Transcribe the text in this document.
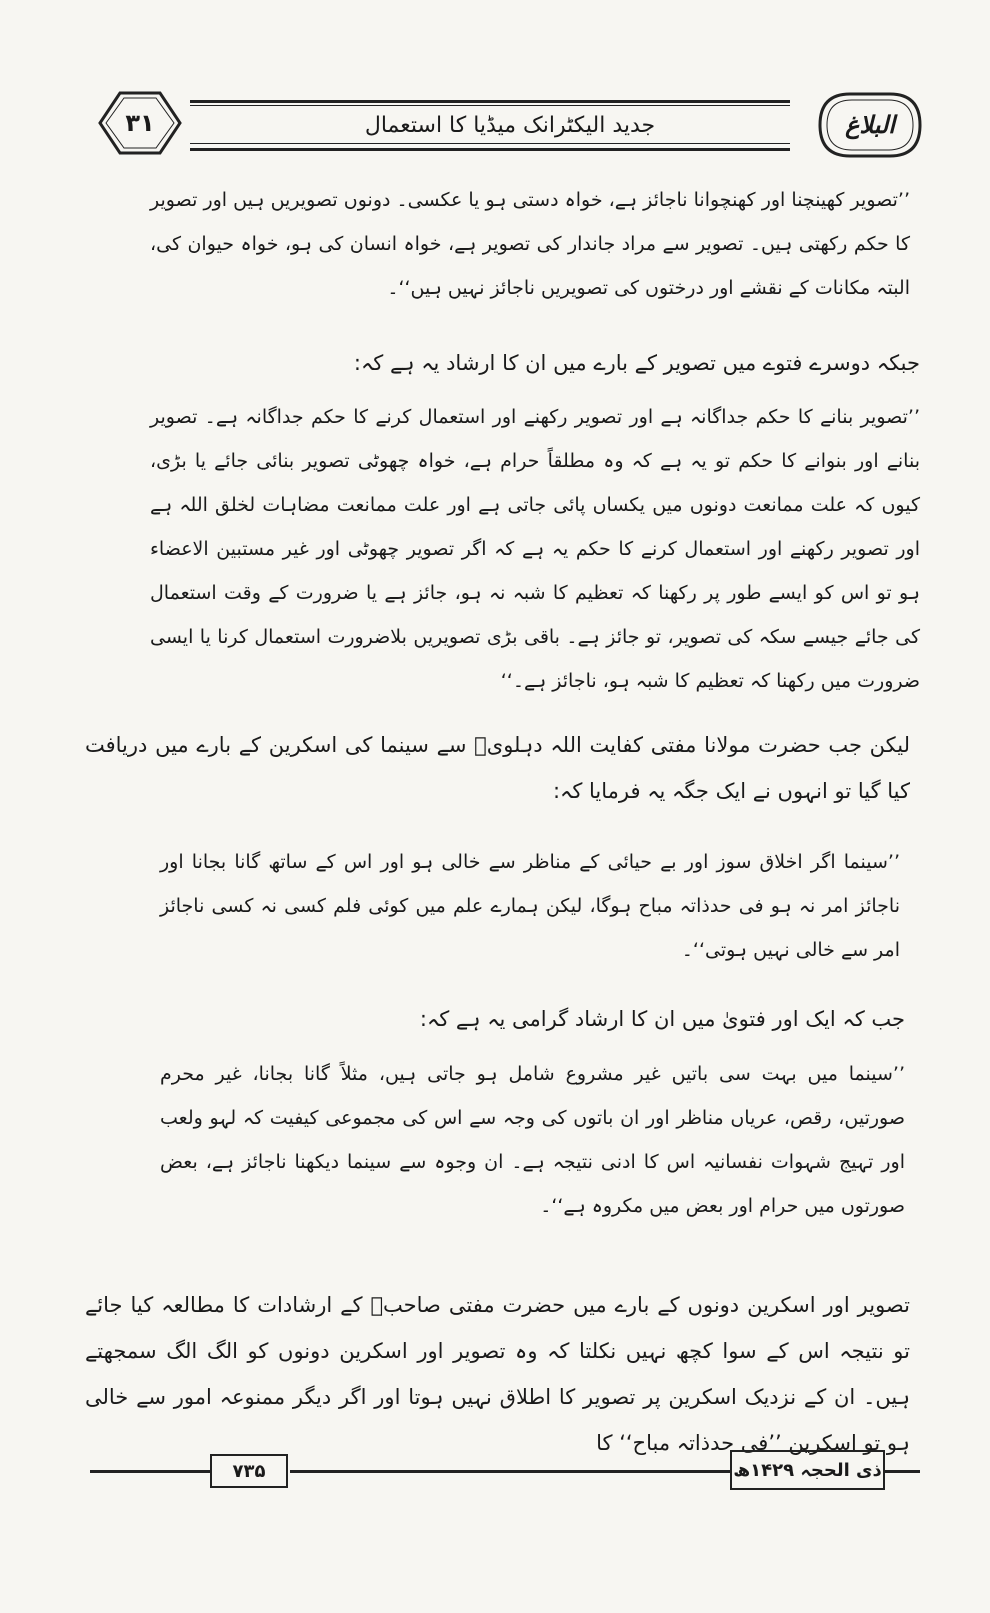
۳۱	جدید الیکٹرانک میڈیا کا استعمال	البلاغ
’’تصویر کھینچنا اور کھنچوانا ناجائز ہے، خواہ دستی ہو یا عکسی۔ دونوں تصویریں ہیں اور تصویر کا حکم رکھتی ہیں۔ تصویر سے مراد جاندار کی تصویر ہے، خواہ انسان کی ہو، خواہ حیوان کی، البتہ مکانات کے نقشے اور درختوں کی تصویریں ناجائز نہیں ہیں‘‘۔
جبکہ دوسرے فتوے میں تصویر کے بارے میں ان کا ارشاد یہ ہے کہ:
’’تصویر بنانے کا حکم جداگانہ ہے اور تصویر رکھنے اور استعمال کرنے کا حکم جداگانہ ہے۔ تصویر بنانے اور بنوانے کا حکم تو یہ ہے کہ وہ مطلقاً حرام ہے، خواہ چھوٹی تصویر بنائی جائے یا بڑی، کیوں کہ علت ممانعت دونوں میں یکساں پائی جاتی ہے اور علت ممانعت مضاہات لخلق اللہ ہے اور تصویر رکھنے اور استعمال کرنے کا حکم یہ ہے کہ اگر تصویر چھوٹی اور غیر مستبین الاعضاء ہو تو اس کو ایسے طور پر رکھنا کہ تعظیم کا شبہ نہ ہو، جائز ہے یا ضرورت کے وقت استعمال کی جائے جیسے سکہ کی تصویر، تو جائز ہے۔ باقی بڑی تصویریں بلاضرورت استعمال کرنا یا ایسی ضرورت میں رکھنا کہ تعظیم کا شبہ ہو، ناجائز ہے۔‘‘
لیکن جب حضرت مولانا مفتی کفایت اللہ دہلویؒ سے سینما کی اسکرین کے بارے میں دریافت کیا گیا تو انہوں نے ایک جگہ یہ فرمایا کہ:
’’سینما اگر اخلاق سوز اور بے حیائی کے مناظر سے خالی ہو اور اس کے ساتھ گانا بجانا اور ناجائز امر نہ ہو فی حدذاتہ مباح ہوگا، لیکن ہمارے علم میں کوئی فلم کسی نہ کسی ناجائز امر سے خالی نہیں ہوتی‘‘۔
جب کہ ایک اور فتویٰ میں ان کا ارشاد گرامی یہ ہے کہ:
’’سینما میں بہت سی باتیں غیر مشروع شامل ہو جاتی ہیں، مثلاً گانا بجانا، غیر محرم صورتیں، رقص، عریاں مناظر اور ان باتوں کی وجہ سے اس کی مجموعی کیفیت کہ لہو ولعب اور تہیج شہوات نفسانیہ اس کا ادنی نتیجہ ہے۔ ان وجوہ سے سینما دیکھنا ناجائز ہے، بعض صورتوں میں حرام اور بعض میں مکروہ ہے‘‘۔
تصویر اور اسکرین دونوں کے بارے میں حضرت مفتی صاحبؒ کے ارشادات کا مطالعہ کیا جائے تو نتیجہ اس کے سوا کچھ نہیں نکلتا کہ وہ تصویر اور اسکرین دونوں کو الگ الگ سمجھتے ہیں۔ ان کے نزدیک اسکرین پر تصویر کا اطلاق نہیں ہوتا اور اگر دیگر ممنوعہ امور سے خالی ہو تو اسکرین ’’فی حدذاتہ مباح‘‘ کا
۷۳۵	ذی الحجہ ۱۴۲۹ھ
